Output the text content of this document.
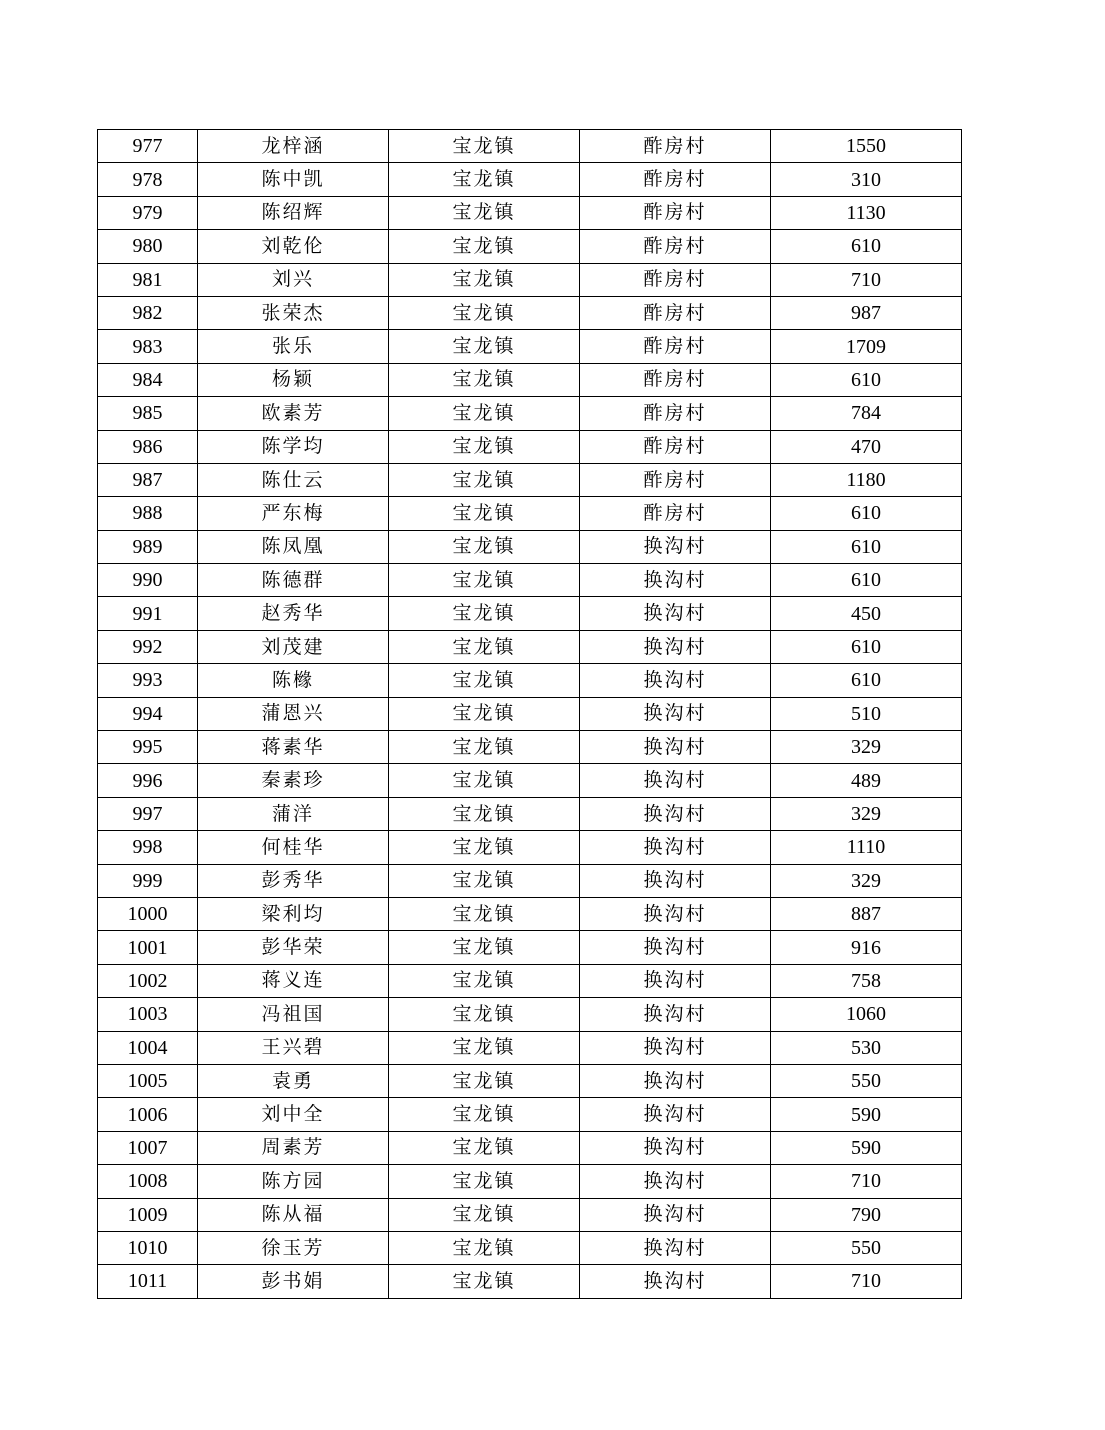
977	龙梓涵	宝龙镇	酢房村	1550
978	陈中凯	宝龙镇	酢房村	310
979	陈绍辉	宝龙镇	酢房村	1130
980	刘乾伦	宝龙镇	酢房村	610
981	刘兴	宝龙镇	酢房村	710
982	张荣杰	宝龙镇	酢房村	987
983	张乐	宝龙镇	酢房村	1709
984	杨颖	宝龙镇	酢房村	610
985	欧素芳	宝龙镇	酢房村	784
986	陈学均	宝龙镇	酢房村	470
987	陈仕云	宝龙镇	酢房村	1180
988	严东梅	宝龙镇	酢房村	610
989	陈凤凰	宝龙镇	换沟村	610
990	陈德群	宝龙镇	换沟村	610
991	赵秀华	宝龙镇	换沟村	450
992	刘茂建	宝龙镇	换沟村	610
993	陈橼	宝龙镇	换沟村	610
994	蒲恩兴	宝龙镇	换沟村	510
995	蒋素华	宝龙镇	换沟村	329
996	秦素珍	宝龙镇	换沟村	489
997	蒲洋	宝龙镇	换沟村	329
998	何桂华	宝龙镇	换沟村	1110
999	彭秀华	宝龙镇	换沟村	329
1000	梁利均	宝龙镇	换沟村	887
1001	彭华荣	宝龙镇	换沟村	916
1002	蒋义连	宝龙镇	换沟村	758
1003	冯祖国	宝龙镇	换沟村	1060
1004	王兴碧	宝龙镇	换沟村	530
1005	袁勇	宝龙镇	换沟村	550
1006	刘中全	宝龙镇	换沟村	590
1007	周素芳	宝龙镇	换沟村	590
1008	陈方园	宝龙镇	换沟村	710
1009	陈从福	宝龙镇	换沟村	790
1010	徐玉芳	宝龙镇	换沟村	550
1011	彭书娟	宝龙镇	换沟村	710
